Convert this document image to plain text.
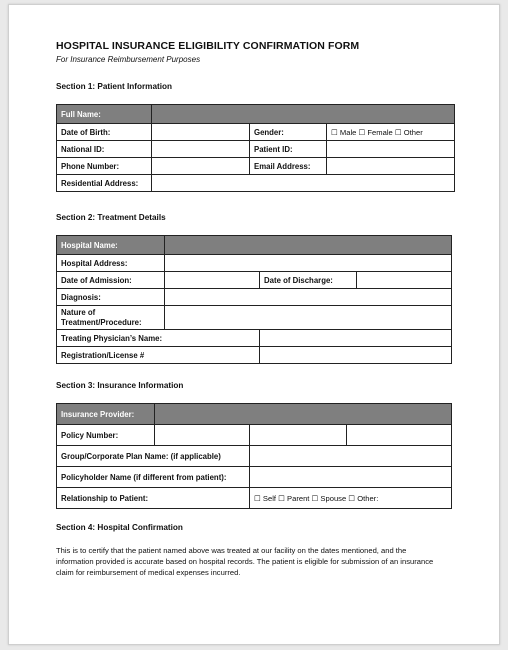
HOSPITAL INSURANCE ELIGIBILITY CONFIRMATION FORM
For Insurance Reimbursement Purposes
Section 1: Patient Information
Full Name:			
Date of Birth:		Gender:	☐ Male ☐ Female ☐ Other
National ID:		Patient ID:	
Phone Number:		Email Address:	
Residential Address:			
Section 2: Treatment Details
Hospital Name:			
Hospital Address:			
Date of Admission:		Date of Discharge:	
Diagnosis:			
Nature of Treatment/Procedure:			
Treating Physician’s Name:			
Registration/License #			
Section 3: Insurance Information
Insurance Provider:			
Policy Number:			
Group/Corporate Plan Name: (if applicable)			
Policyholder Name (if different from patient):			
Relationship to Patient:		☐ Self ☐ Parent ☐ Spouse ☐ Other:	
Section 4: Hospital Confirmation
This is to certify that the patient named above was treated at our facility on the dates mentioned, and the information provided is accurate based on hospital records. The patient is eligible for submission of an insurance claim for reimbursement of medical expenses incurred.
